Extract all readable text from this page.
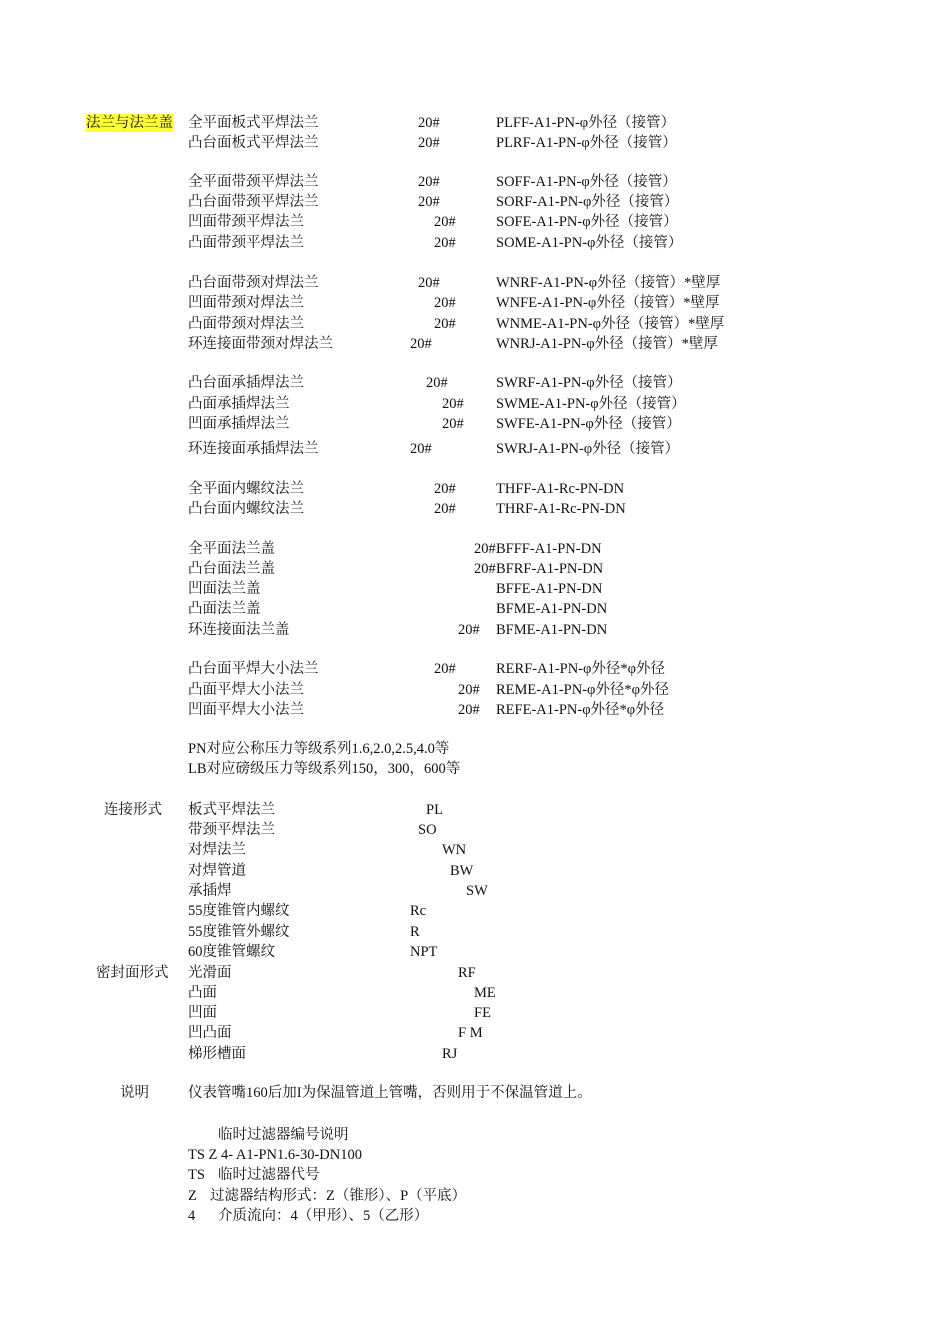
法兰与法兰盖 全平面板式平焊法兰	20#	PLFF-A1-PN-φ外径（接管）
凸台面板式平焊法兰	20#	PLRF-A1-PN-φ外径（接管）
全平面带颈平焊法兰	20#	SOFF-A1-PN-φ外径（接管）
凸台面带颈平焊法兰	20#	SORF-A1-PN-φ外径（接管）
凹面带颈平焊法兰	20#	SOFE-A1-PN-φ外径（接管）
凸面带颈平焊法兰	20#	SOME-A1-PN-φ外径（接管）
凸台面带颈对焊法兰	20#	WNRF-A1-PN-φ外径（接管）*壁厚
凹面带颈对焊法兰	20#	WNFE-A1-PN-φ外径（接管）*壁厚
凸面带颈对焊法兰	20#	WNME-A1-PN-φ外径（接管）*壁厚
环连接面带颈对焊法兰	20#	WNRJ-A1-PN-φ外径（接管）*壁厚
凸台面承插焊法兰	20#	SWRF-A1-PN-φ外径（接管）
凸面承插焊法兰	20# SWME-A1-PN-φ外径（接管）
凹面承插焊法兰	20# SWFE-A1-PN-φ外径（接管）
环连接面承插焊法兰	20#	SWRJ-A1-PN-φ外径（接管）
全平面内螺纹法兰	20#	THFF-A1-Rc-PN-DN
凸台面内螺纹法兰	20#	THRF-A1-Rc-PN-DN
全平面法兰盖	20# BFFF-A1-PN-DN
凸台面法兰盖	20# BFRF-A1-PN-DN
凹面法兰盖	BFFE-A1-PN-DN
凸面法兰盖	BFME-A1-PN-DN
环连接面法兰盖	20# BFME-A1-PN-DN
凸台面平焊大小法兰	20#	RERF-A1-PN-φ外径*φ外径
凸面平焊大小法兰	20# REME-A1-PN-φ外径*φ外径
凹面平焊大小法兰	20# REFE-A1-PN-φ外径*φ外径
PN对应公称压力等级系列1.6,2.0,2.5,4.0等
LB对应磅级压力等级系列150，300，600等
连接形式 板式平焊法兰	PL
带颈平焊法兰	SO
对焊法兰	WN
对焊管道	BW
承插焊	SW
55度锥管内螺纹	Rc
55度锥管外螺纹	R
60度锥管螺纹	NPT
密封面形式 光滑面	RF
凸面	ME
凹面	FE
凹凸面	F M
梯形槽面	RJ
说明	仪表管嘴160后加I为保温管道上管嘴，否则用于不保温管道上。
临时过滤器编号说明
TS Z 4- A1-PN1.6-30-DN100
TS 临时过滤器代号
Z 过滤器结构形式：Z（锥形）、P（平底）
4 介质流向：4（甲形）、5（乙形）
